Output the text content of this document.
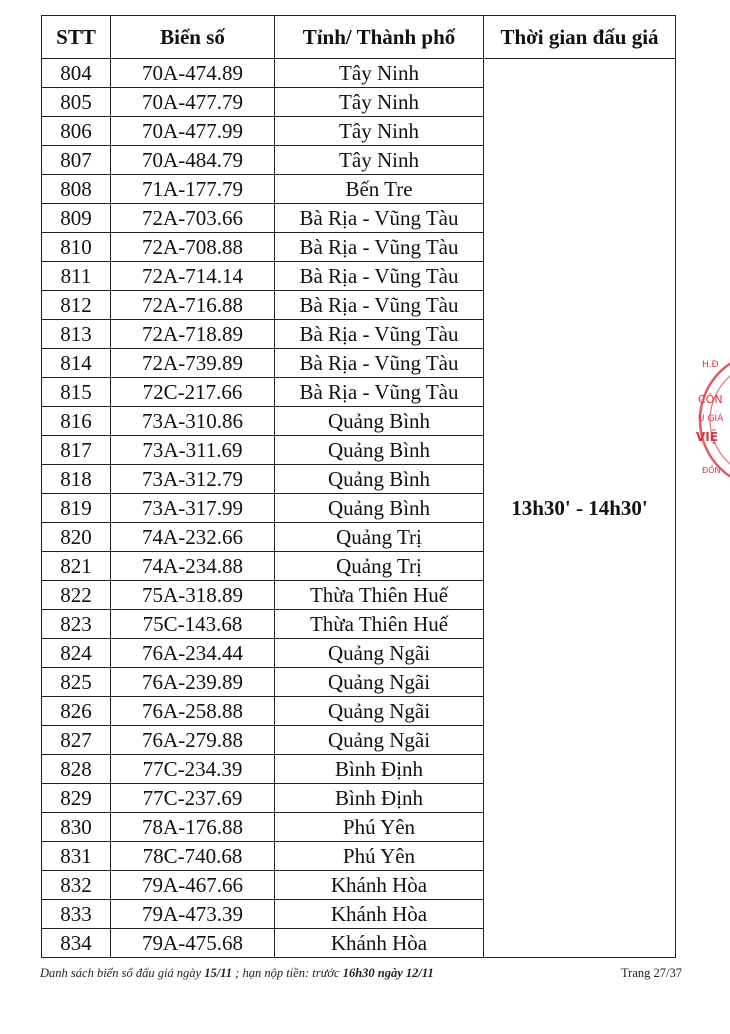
STT	Biển số	Tỉnh/ Thành phố	Thời gian đấu giá
804	70A-474.89	Tây Ninh	13h30' - 14h30'
805	70A-477.79	Tây Ninh	
806	70A-477.99	Tây Ninh	
807	70A-484.79	Tây Ninh	
808	71A-177.79	Bến Tre	
809	72A-703.66	Bà Rịa - Vũng Tàu	
810	72A-708.88	Bà Rịa - Vũng Tàu	
811	72A-714.14	Bà Rịa - Vũng Tàu	
812	72A-716.88	Bà Rịa - Vũng Tàu	
813	72A-718.89	Bà Rịa - Vũng Tàu	
814	72A-739.89	Bà Rịa - Vũng Tàu	
815	72C-217.66	Bà Rịa - Vũng Tàu	
816	73A-310.86	Quảng Bình	
817	73A-311.69	Quảng Bình	
818	73A-312.79	Quảng Bình	
819	73A-317.99	Quảng Bình	
820	74A-232.66	Quảng Trị	
821	74A-234.88	Quảng Trị	
822	75A-318.89	Thừa Thiên Huế	
823	75C-143.68	Thừa Thiên Huế	
824	76A-234.44	Quảng Ngãi	
825	76A-239.89	Quảng Ngãi	
826	76A-258.88	Quảng Ngãi	
827	76A-279.88	Quảng Ngãi	
828	77C-234.39	Bình Định	
829	77C-237.69	Bình Định	
830	78A-176.88	Phú Yên	
831	78C-740.68	Phú Yên	
832	79A-467.66	Khánh Hòa	
833	79A-473.39	Khánh Hòa	
834	79A-475.68	Khánh Hòa	
Danh sách biển số đấu giá ngày 15/11 ; hạn nộp tiền: trước 16h30 ngày 12/11	Trang 27/37
H.Đ
CÔN
U GIÁ
VIỆ
ĐỒN
